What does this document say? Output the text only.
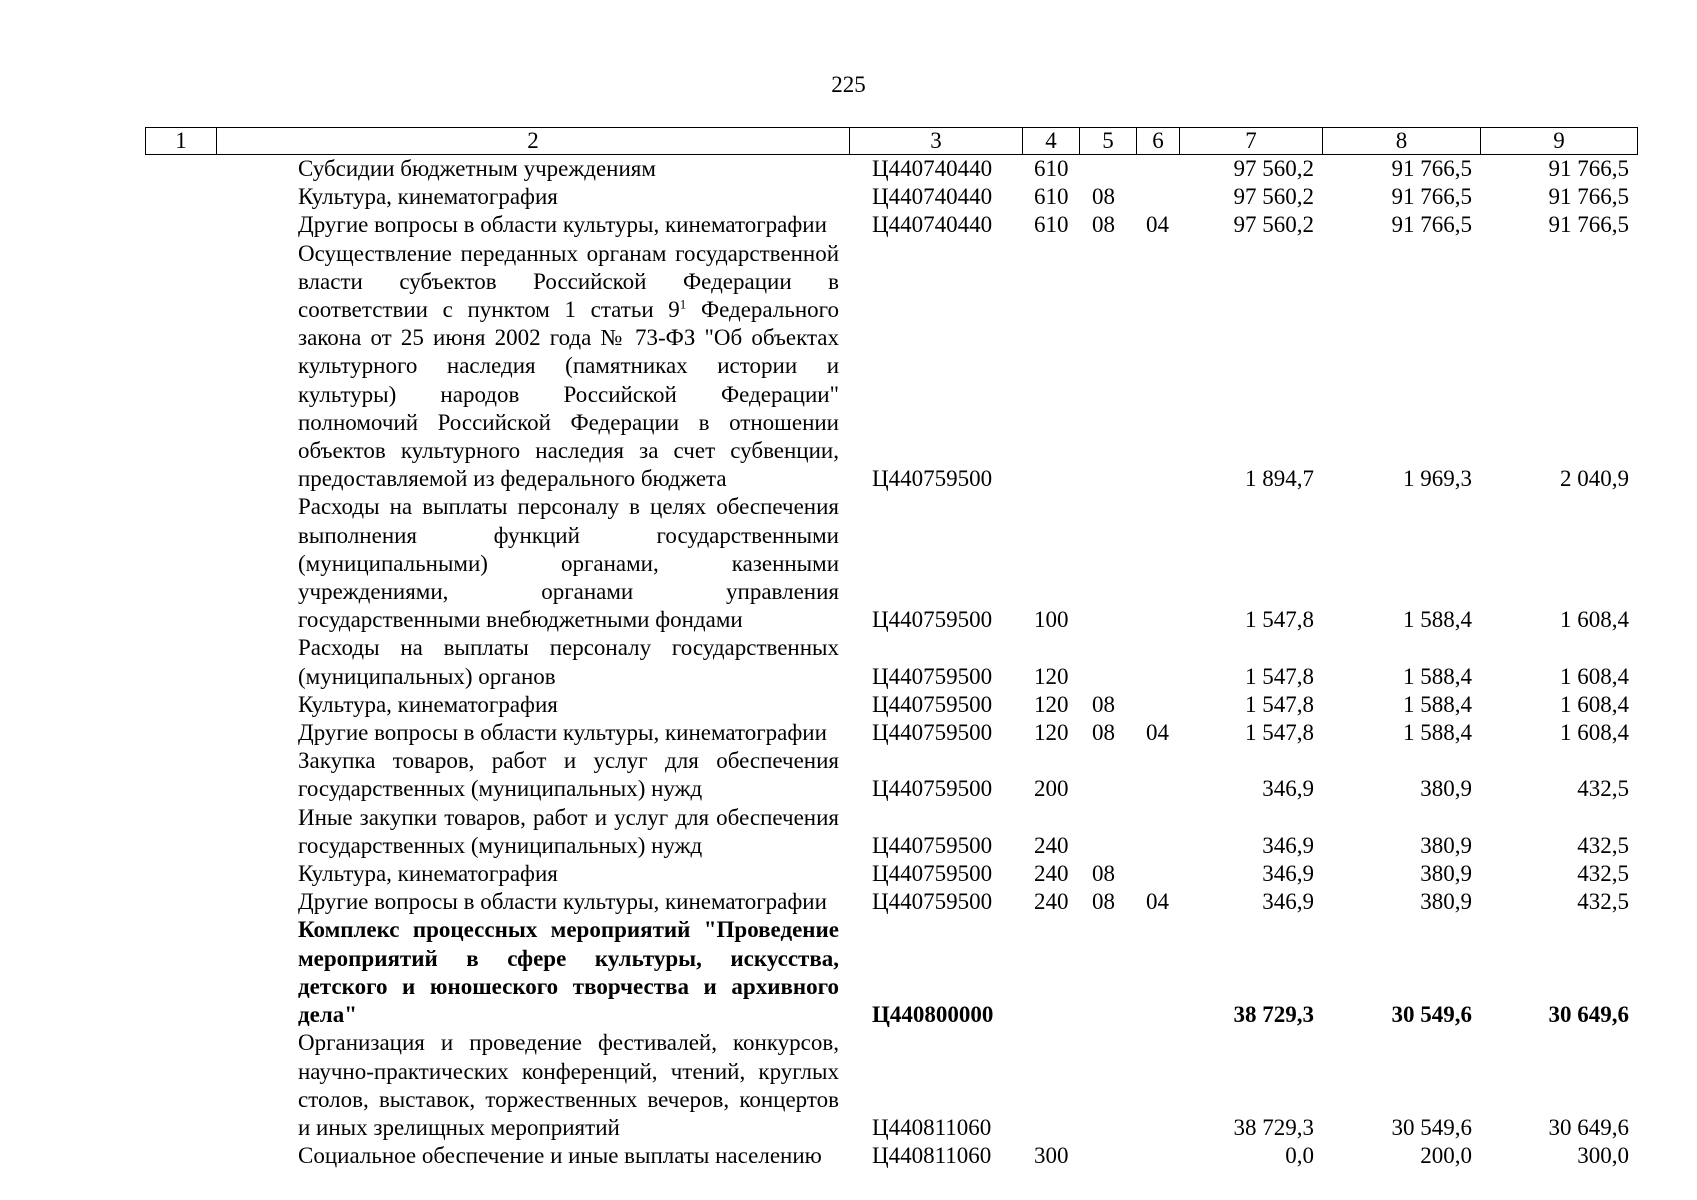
225
1	2	3	4	5	6	7	8	9
	Субсидии бюджетным учреждениям	Ц440740440	610			97 560,2	91 766,5	91 766,5
	Культура, кинематография	Ц440740440	610	08		97 560,2	91 766,5	91 766,5
	Другие вопросы в области культуры, кинематографии	Ц440740440	610	08	04	97 560,2	91 766,5	91 766,5
	Осуществление переданных органам государственной власти субъектов Российской Федерации в соответствии с пунктом 1 статьи $9^1$ Федерального закона от 25 июня 2002 года № 73-ФЗ "Об объектах культурного наследия (памятниках истории и культуры) народов Российской Федерации" полномочий Российской Федерации в отношении объектов культурного наследия за счет субвенции, предоставляемой из федерального бюджета	Ц440759500				1 894,7	1 969,3	2 040,9
	Расходы на выплаты персоналу в целях обеспечения выполнения функций государственными (муниципальными) органами, казенными учреждениями, органами управления государственными внебюджетными фондами	Ц440759500	100			1 547,8	1 588,4	1 608,4
	Расходы на выплаты персоналу государственных (муниципальных) органов	Ц440759500	120			1 547,8	1 588,4	1 608,4
	Культура, кинематография	Ц440759500	120	08		1 547,8	1 588,4	1 608,4
	Другие вопросы в области культуры, кинематографии	Ц440759500	120	08	04	1 547,8	1 588,4	1 608,4
	Закупка товаров, работ и услуг для обеспечения государственных (муниципальных) нужд	Ц440759500	200			346,9	380,9	432,5
	Иные закупки товаров, работ и услуг для обеспечения государственных (муниципальных) нужд	Ц440759500	240			346,9	380,9	432,5
	Культура, кинематография	Ц440759500	240	08		346,9	380,9	432,5
	Другие вопросы в области культуры, кинематографии	Ц440759500	240	08	04	346,9	380,9	432,5
	Комплекс процессных мероприятий "Проведение мероприятий в сфере культуры, искусства, детского и юношеского творчества и архивного дела"	Ц440800000				38 729,3	30 549,6	30 649,6
	Организация и проведение фестивалей, конкурсов, научно-практических конференций, чтений, круглых столов, выставок, торжественных вечеров, концертов и иных зрелищных мероприятий	Ц440811060				38 729,3	30 549,6	30 649,6
	Социальное обеспечение и иные выплаты населению	Ц440811060	300			0,0	200,0	300,0
